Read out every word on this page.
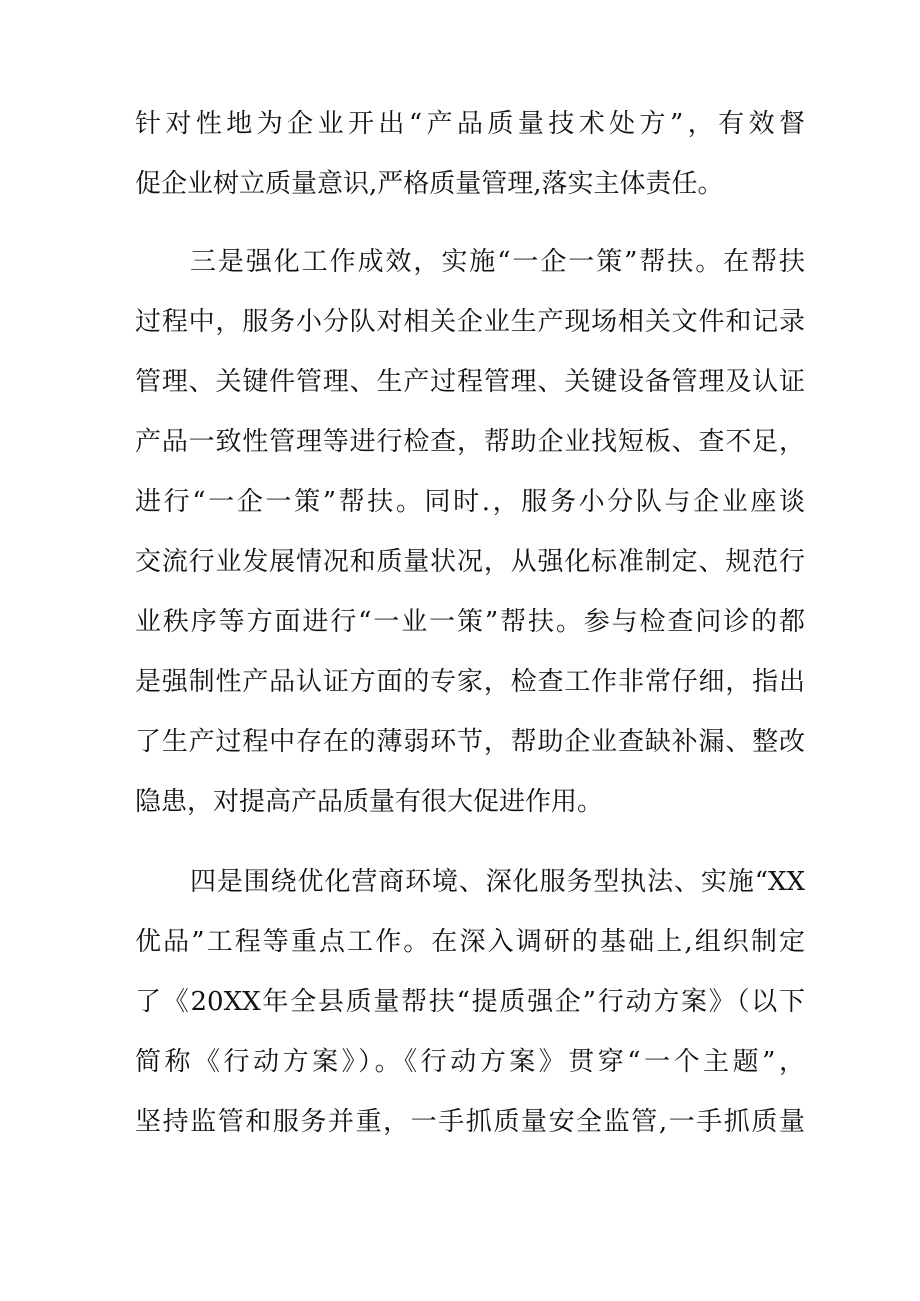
针对性地为企业开出“产品质量技术处方”，有效督
促企业树立质量意识,严格质量管理,落实主体责任。
三是强化工作成效，实施“一企一策”帮扶。在帮扶
过程中，服务小分队对相关企业生产现场相关文件和记录
管理、关键件管理、生产过程管理、关键设备管理及认证
产品一致性管理等进行检查，帮助企业找短板、查不足，
进行“一企一策”帮扶。同时.，服务小分队与企业座谈
交流行业发展情况和质量状况，从强化标准制定、规范行
业秩序等方面进行“一业一策”帮扶。参与检查问诊的都
是强制性产品认证方面的专家，检查工作非常仔细，指出
了生产过程中存在的薄弱环节，帮助企业查缺补漏、整改
隐患，对提高产品质量有很大促进作用。
四是围绕优化营商环境、深化服务型执法、实施“XX
优品”工程等重点工作。在深入调研的基础上,组织制定
了《20XX年全县质量帮扶“提质强企”行动方案》（以下
简称《行动方案》）。《行动方案》贯穿“一个主题”，
坚持监管和服务并重，一手抓质量安全监管,一手抓质量
